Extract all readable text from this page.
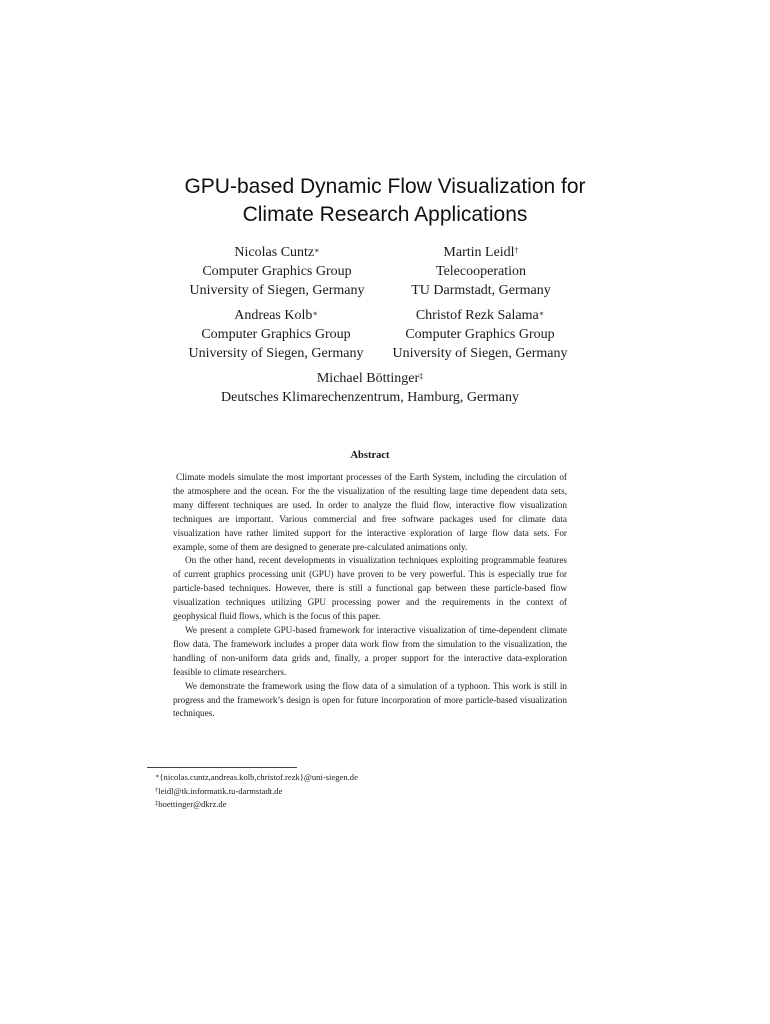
GPU-based Dynamic Flow Visualization for
Climate Research Applications
Nicolas Cuntz∗
Computer Graphics Group
University of Siegen, Germany
Martin Leidl†
Telecooperation
TU Darmstadt, Germany
Andreas Kolb∗
Computer Graphics Group
University of Siegen, Germany
Christof Rezk Salama∗
Computer Graphics Group
University of Siegen, Germany
Michael Böttinger‡
Deutsches Klimarechenzentrum, Hamburg, Germany
Abstract

Climate models simulate the most important processes of the Earth System, including the circulation of the atmosphere and the ocean. For the the visualization of the resulting large time dependent data sets, many different techniques are used. In order to analyze the fluid flow, interactive flow visualization techniques are important. Various commercial and free software packages used for climate data visualization have rather limited support for the interactive exploration of large flow data sets. For example, some of them are designed to generate pre-calculated animations only.

On the other hand, recent developments in visualization techniques exploiting programmable features of current graphics processing unit (GPU) have proven to be very powerful. This is especially true for particle-based techniques. However, there is still a functional gap between these particle-based flow visualization techniques utilizing GPU processing power and the requirements in the context of geophysical fluid flows, which is the focus of this paper.

We present a complete GPU-based framework for interactive visualization of time-dependent climate flow data. The framework includes a proper data work flow from the simulation to the visualization, the handling of non-uniform data grids and, finally, a proper support for the interactive data-exploration feasible to climate researchers.

We demonstrate the framework using the flow data of a simulation of a typhoon. This work is still in progress and the framework’s design is open for future incorporation of more particle-based visualization techniques.

∗{nicolas.cuntz,andreas.kolb,christof.rezk}@uni-siegen.de
†leidl@tk.informatik.tu-darmstadt.de
‡boettinger@dkrz.de
